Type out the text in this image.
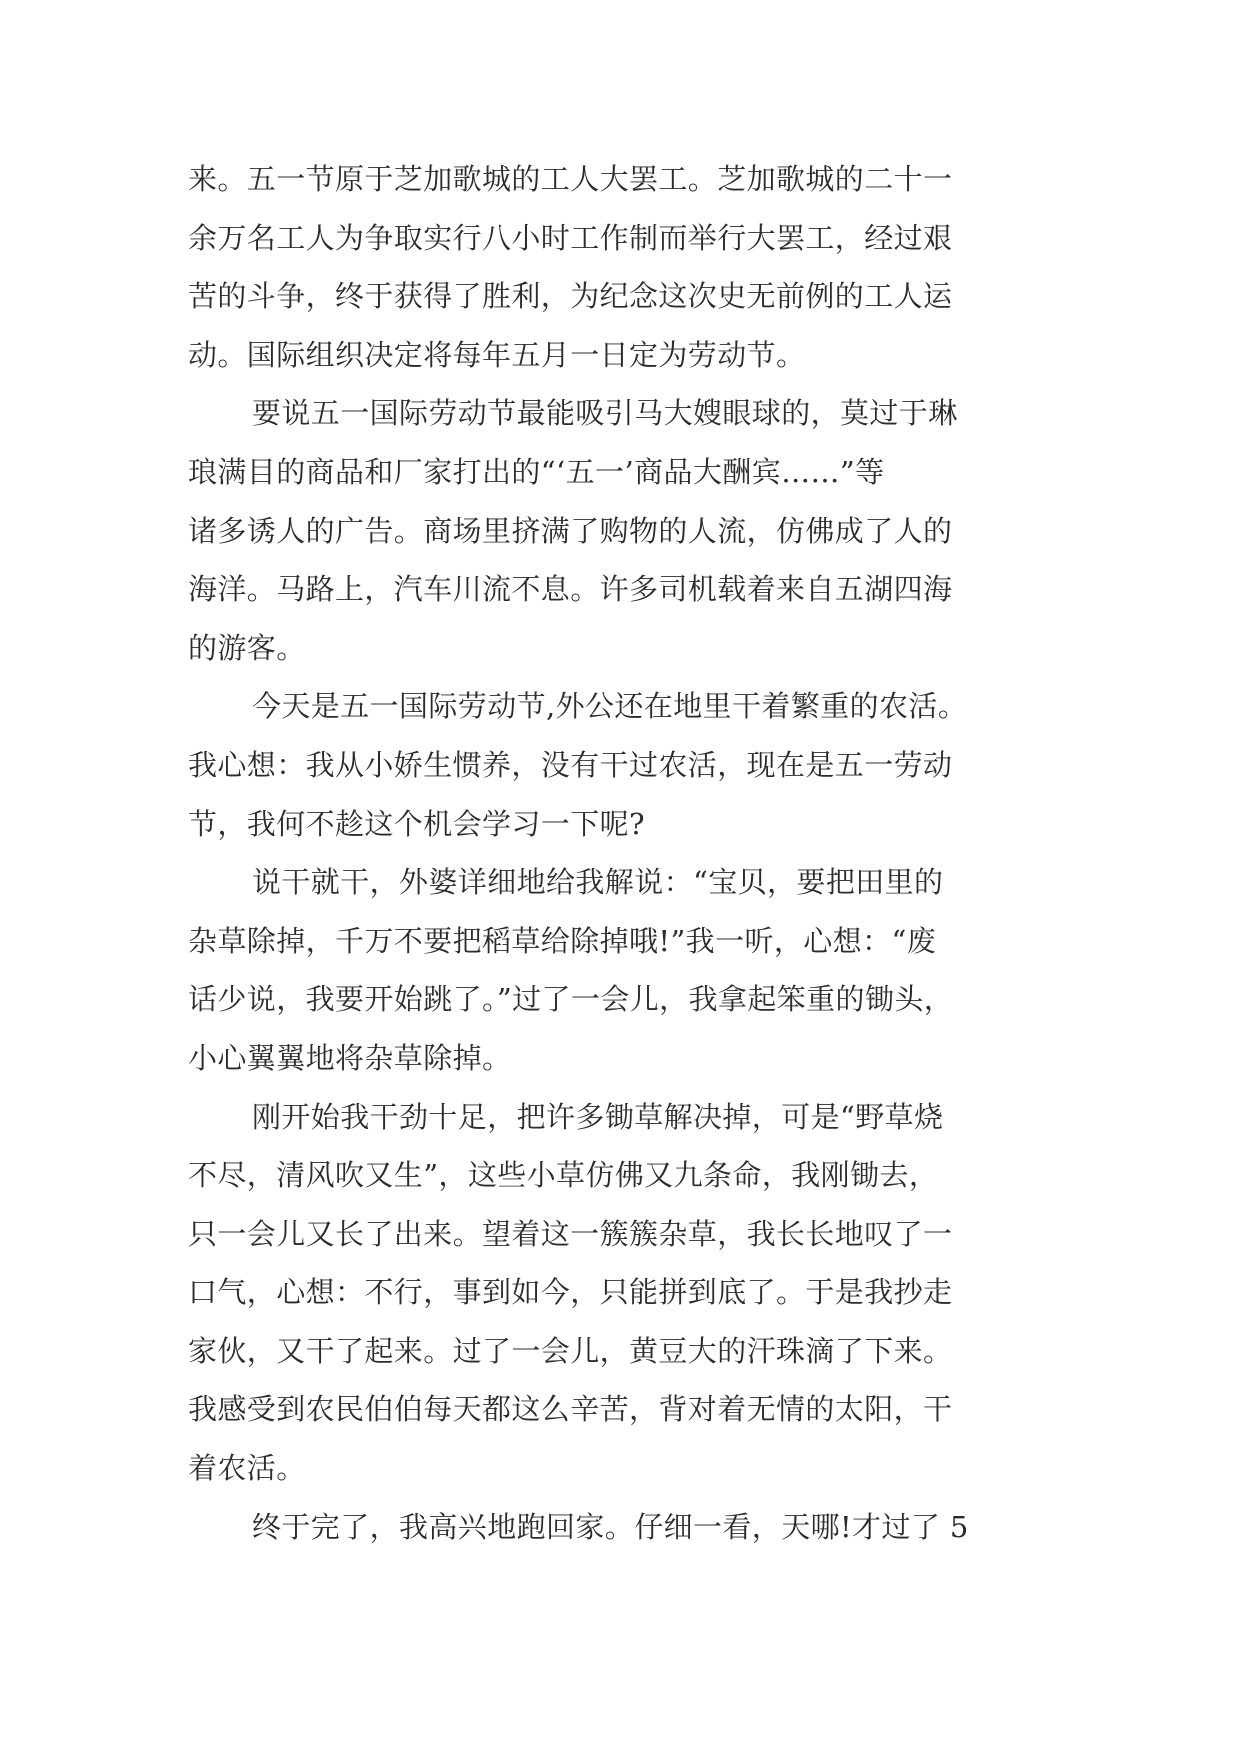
来。五一节原于芝加歌城的工人大罢工。芝加歌城的二十一
余万名工人为争取实行八小时工作制而举行大罢工，经过艰
苦的斗争，终于获得了胜利，为纪念这次史无前例的工人运
动。国际组织决定将每年五月一日定为劳动节。
要说五一国际劳动节最能吸引马大嫂眼球的，莫过于琳
琅满目的商品和厂家打出的“‘五一’商品大酬宾……”等
诸多诱人的广告。商场里挤满了购物的人流，仿佛成了人的
海洋。马路上，汽车川流不息。许多司机载着来自五湖四海
的游客。
今天是五一国际劳动节,外公还在地里干着繁重的农活。
我心想：我从小娇生惯养，没有干过农活，现在是五一劳动
节，我何不趁这个机会学习一下呢?
说干就干，外婆详细地给我解说：“宝贝，要把田里的
杂草除掉，千万不要把稻草给除掉哦!”我一听，心想：“废
话少说，我要开始跳了。”过了一会儿，我拿起笨重的锄头，
小心翼翼地将杂草除掉。
刚开始我干劲十足，把许多锄草解决掉，可是“野草烧
不尽，清风吹又生”，这些小草仿佛又九条命，我刚锄去，
只一会儿又长了出来。望着这一簇簇杂草，我长长地叹了一
口气，心想：不行，事到如今，只能拼到底了。于是我抄走
家伙，又干了起来。过了一会儿，黄豆大的汗珠滴了下来。
我感受到农民伯伯每天都这么辛苦，背对着无情的太阳，干
着农活。
终于完了，我高兴地跑回家。仔细一看，天哪!才过了 5
